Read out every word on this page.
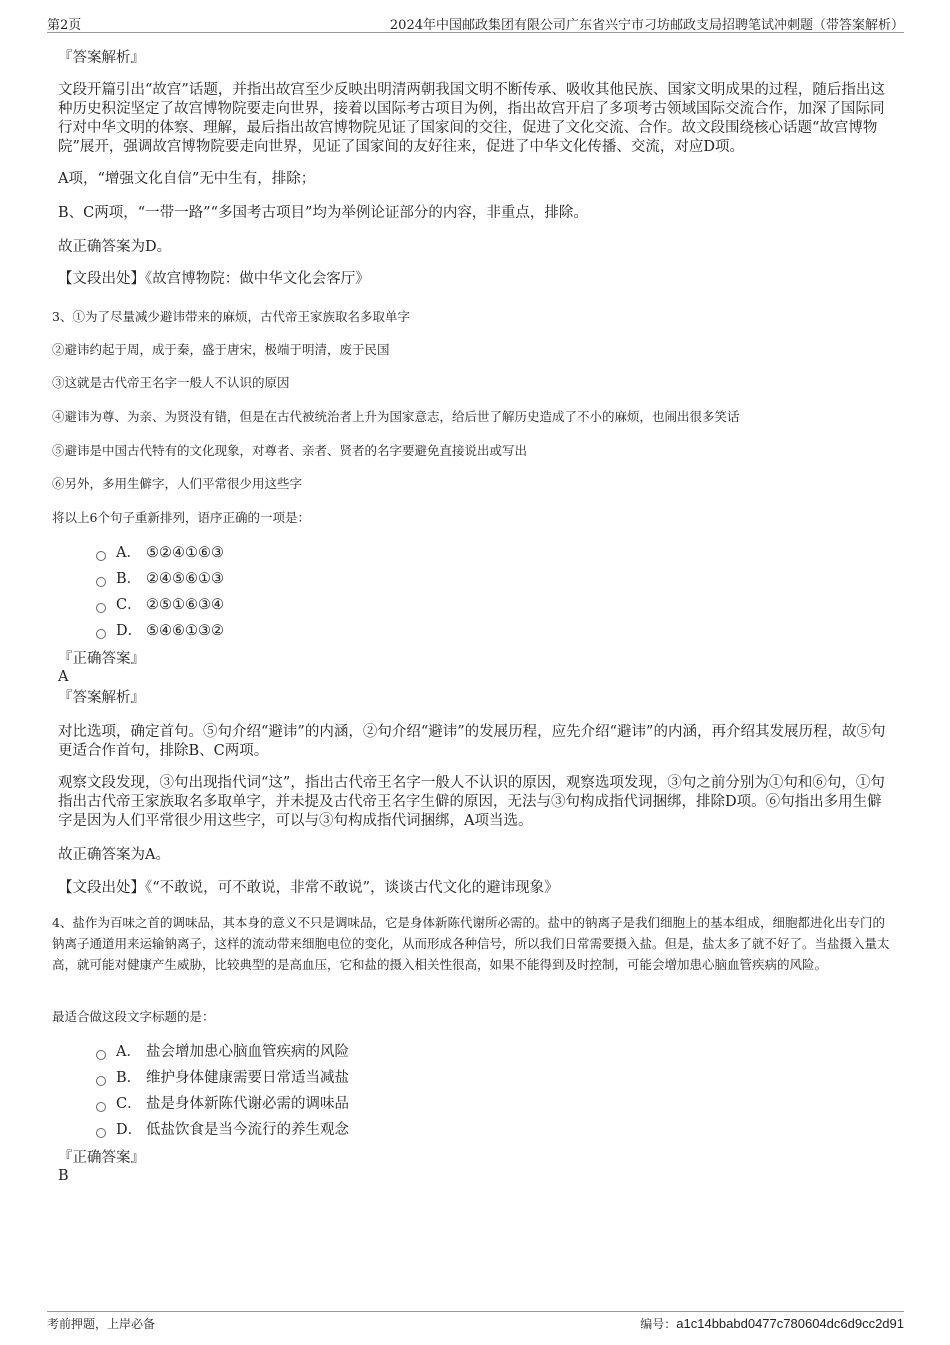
第2页	2024年中国邮政集团有限公司广东省兴宁市刁坊邮政支局招聘笔试冲刺题（带答案解析）

『答案解析』

文段开篇引出“故宫”话题，并指出故宫至少反映出明清两朝我国文明不断传承、吸收其他民族、国家文明成果的过程，随后指出这种历史积淀坚定了故宫博物院要走向世界，接着以国际考古项目为例，指出故宫开启了多项考古领域国际交流合作，加深了国际同行对中华文明的体察、理解，最后指出故宫博物院见证了国家间的交往，促进了文化交流、合作。故文段围绕核心话题“故宫博物院”展开，强调故宫博物院要走向世界，见证了国家间的友好往来，促进了中华文化传播、交流，对应D项。

A项，“增强文化自信”无中生有，排除；

B、C两项，“一带一路”“多国考古项目”均为举例论证部分的内容，非重点，排除。

故正确答案为D。

【文段出处】《故宫博物院：做中华文化会客厅》

3、①为了尽量减少避讳带来的麻烦，古代帝王家族取名多取单字

②避讳约起于周，成于秦，盛于唐宋，极端于明清，废于民国

③这就是古代帝王名字一般人不认识的原因

④避讳为尊、为亲、为贤没有错，但是在古代被统治者上升为国家意志，给后世了解历史造成了不小的麻烦，也闹出很多笑话

⑤避讳是中国古代特有的文化现象，对尊者、亲者、贤者的名字要避免直接说出或写出

⑥另外，多用生僻字，人们平常很少用这些字

将以上6个句子重新排列，语序正确的一项是：

A． ⑤②④①⑥③
B． ②④⑤⑥①③
C． ②⑤①⑥③④
D． ⑤④⑥①③②

『正确答案』

A

『答案解析』

对比选项，确定首句。⑤句介绍“避讳”的内涵，②句介绍“避讳”的发展历程，应先介绍“避讳”的内涵，再介绍其发展历程，故⑤句更适合作首句，排除B、C两项。

观察文段发现，③句出现指代词“这”，指出古代帝王名字一般人不认识的原因，观察选项发现，③句之前分别为①句和⑥句，①句指出古代帝王家族取名多取单字，并未提及古代帝王名字生僻的原因，无法与③句构成指代词捆绑，排除D项。⑥句指出多用生僻字是因为人们平常很少用这些字，可以与③句构成指代词捆绑，A项当选。

故正确答案为A。

【文段出处】《“不敢说，可不敢说，非常不敢说”，谈谈古代文化的避讳现象》

4、盐作为百味之首的调味品，其本身的意义不只是调味品，它是身体新陈代谢所必需的。盐中的钠离子是我们细胞上的基本组成，细胞都进化出专门的钠离子通道用来运输钠离子，这样的流动带来细胞电位的变化，从而形成各种信号，所以我们日常需要摄入盐。但是，盐太多了就不好了。当盐摄入量太高，就可能对健康产生威胁，比较典型的是高血压，它和盐的摄入相关性很高，如果不能得到及时控制，可能会增加患心脑血管疾病的风险。

最适合做这段文字标题的是：

A． 盐会增加患心脑血管疾病的风险
B． 维护身体健康需要日常适当减盐
C． 盐是身体新陈代谢必需的调味品
D． 低盐饮食是当今流行的养生观念

『正确答案』

B

考前押题，上岸必备	编号：a1c14bbabd0477c780604dc6d9cc2d91
